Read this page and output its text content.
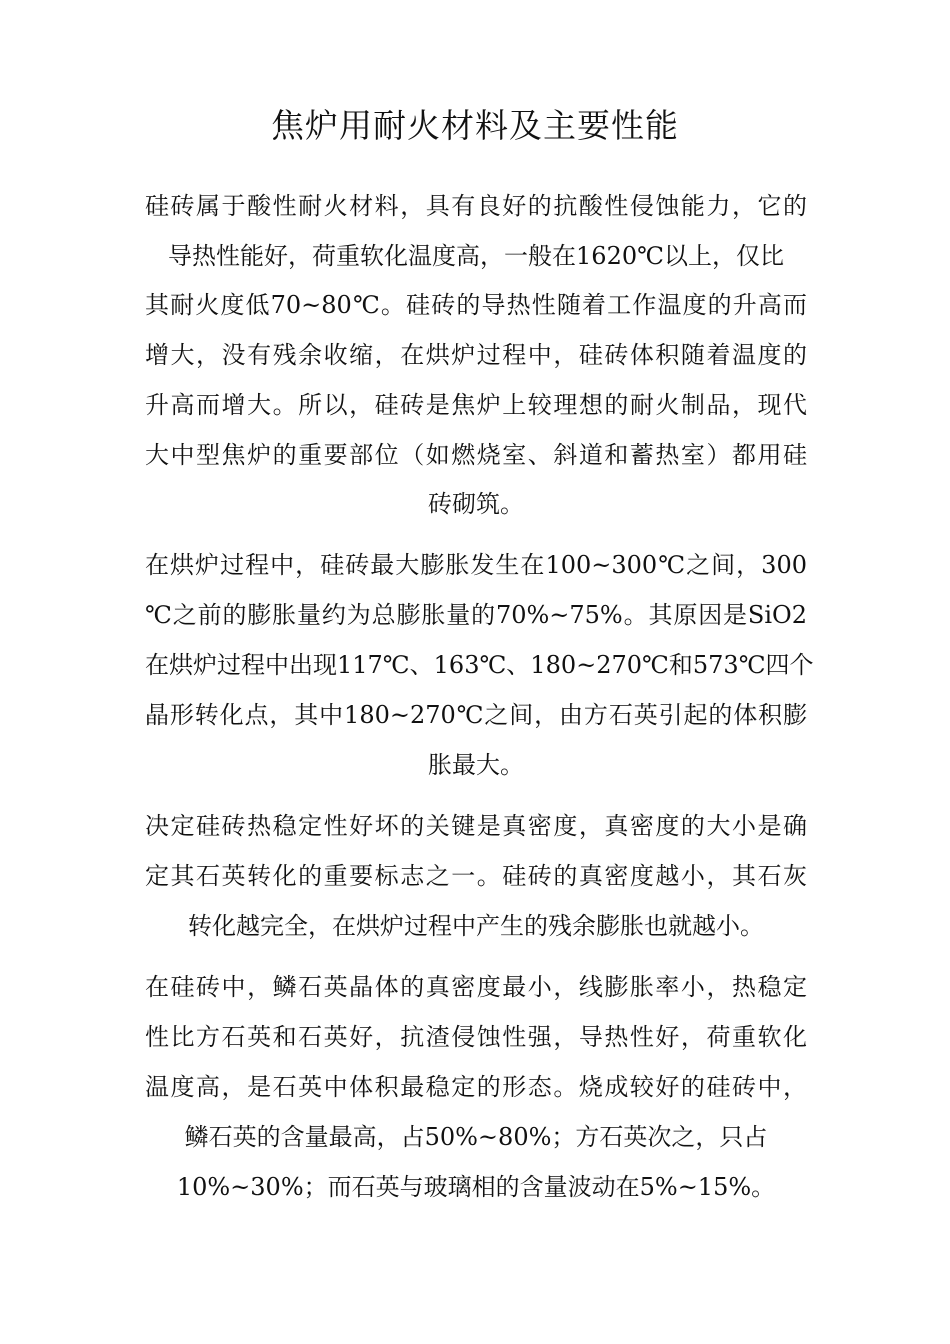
焦炉用耐火材料及主要性能

硅砖属于酸性耐火材料，具有良好的抗酸性侵蚀能力，它的

导热性能好，荷重软化温度高，一般在1620℃以上，仅比

其耐火度低70~80℃。硅砖的导热性随着工作温度的升高而

增大，没有残余收缩，在烘炉过程中，硅砖体积随着温度的

升高而增大。所以，硅砖是焦炉上较理想的耐火制品，现代

大中型焦炉的重要部位（如燃烧室、斜道和蓄热室）都用硅

砖砌筑。

在烘炉过程中，硅砖最大膨胀发生在100~300℃之间，300

℃之前的膨胀量约为总膨胀量的70%~75%。其原因是SiO2

在烘炉过程中出现117℃、163℃、180~270℃和573℃四个

晶形转化点，其中180~270℃之间，由方石英引起的体积膨

胀最大。

决定硅砖热稳定性好坏的关键是真密度，真密度的大小是确

定其石英转化的重要标志之一。硅砖的真密度越小，其石灰

转化越完全，在烘炉过程中产生的残余膨胀也就越小。

在硅砖中，鳞石英晶体的真密度最小，线膨胀率小，热稳定

性比方石英和石英好，抗渣侵蚀性强，导热性好，荷重软化

温度高，是石英中体积最稳定的形态。烧成较好的硅砖中，

鳞石英的含量最高，占50%~80%；方石英次之，只占

10%~30%；而石英与玻璃相的含量波动在5%~15%。
